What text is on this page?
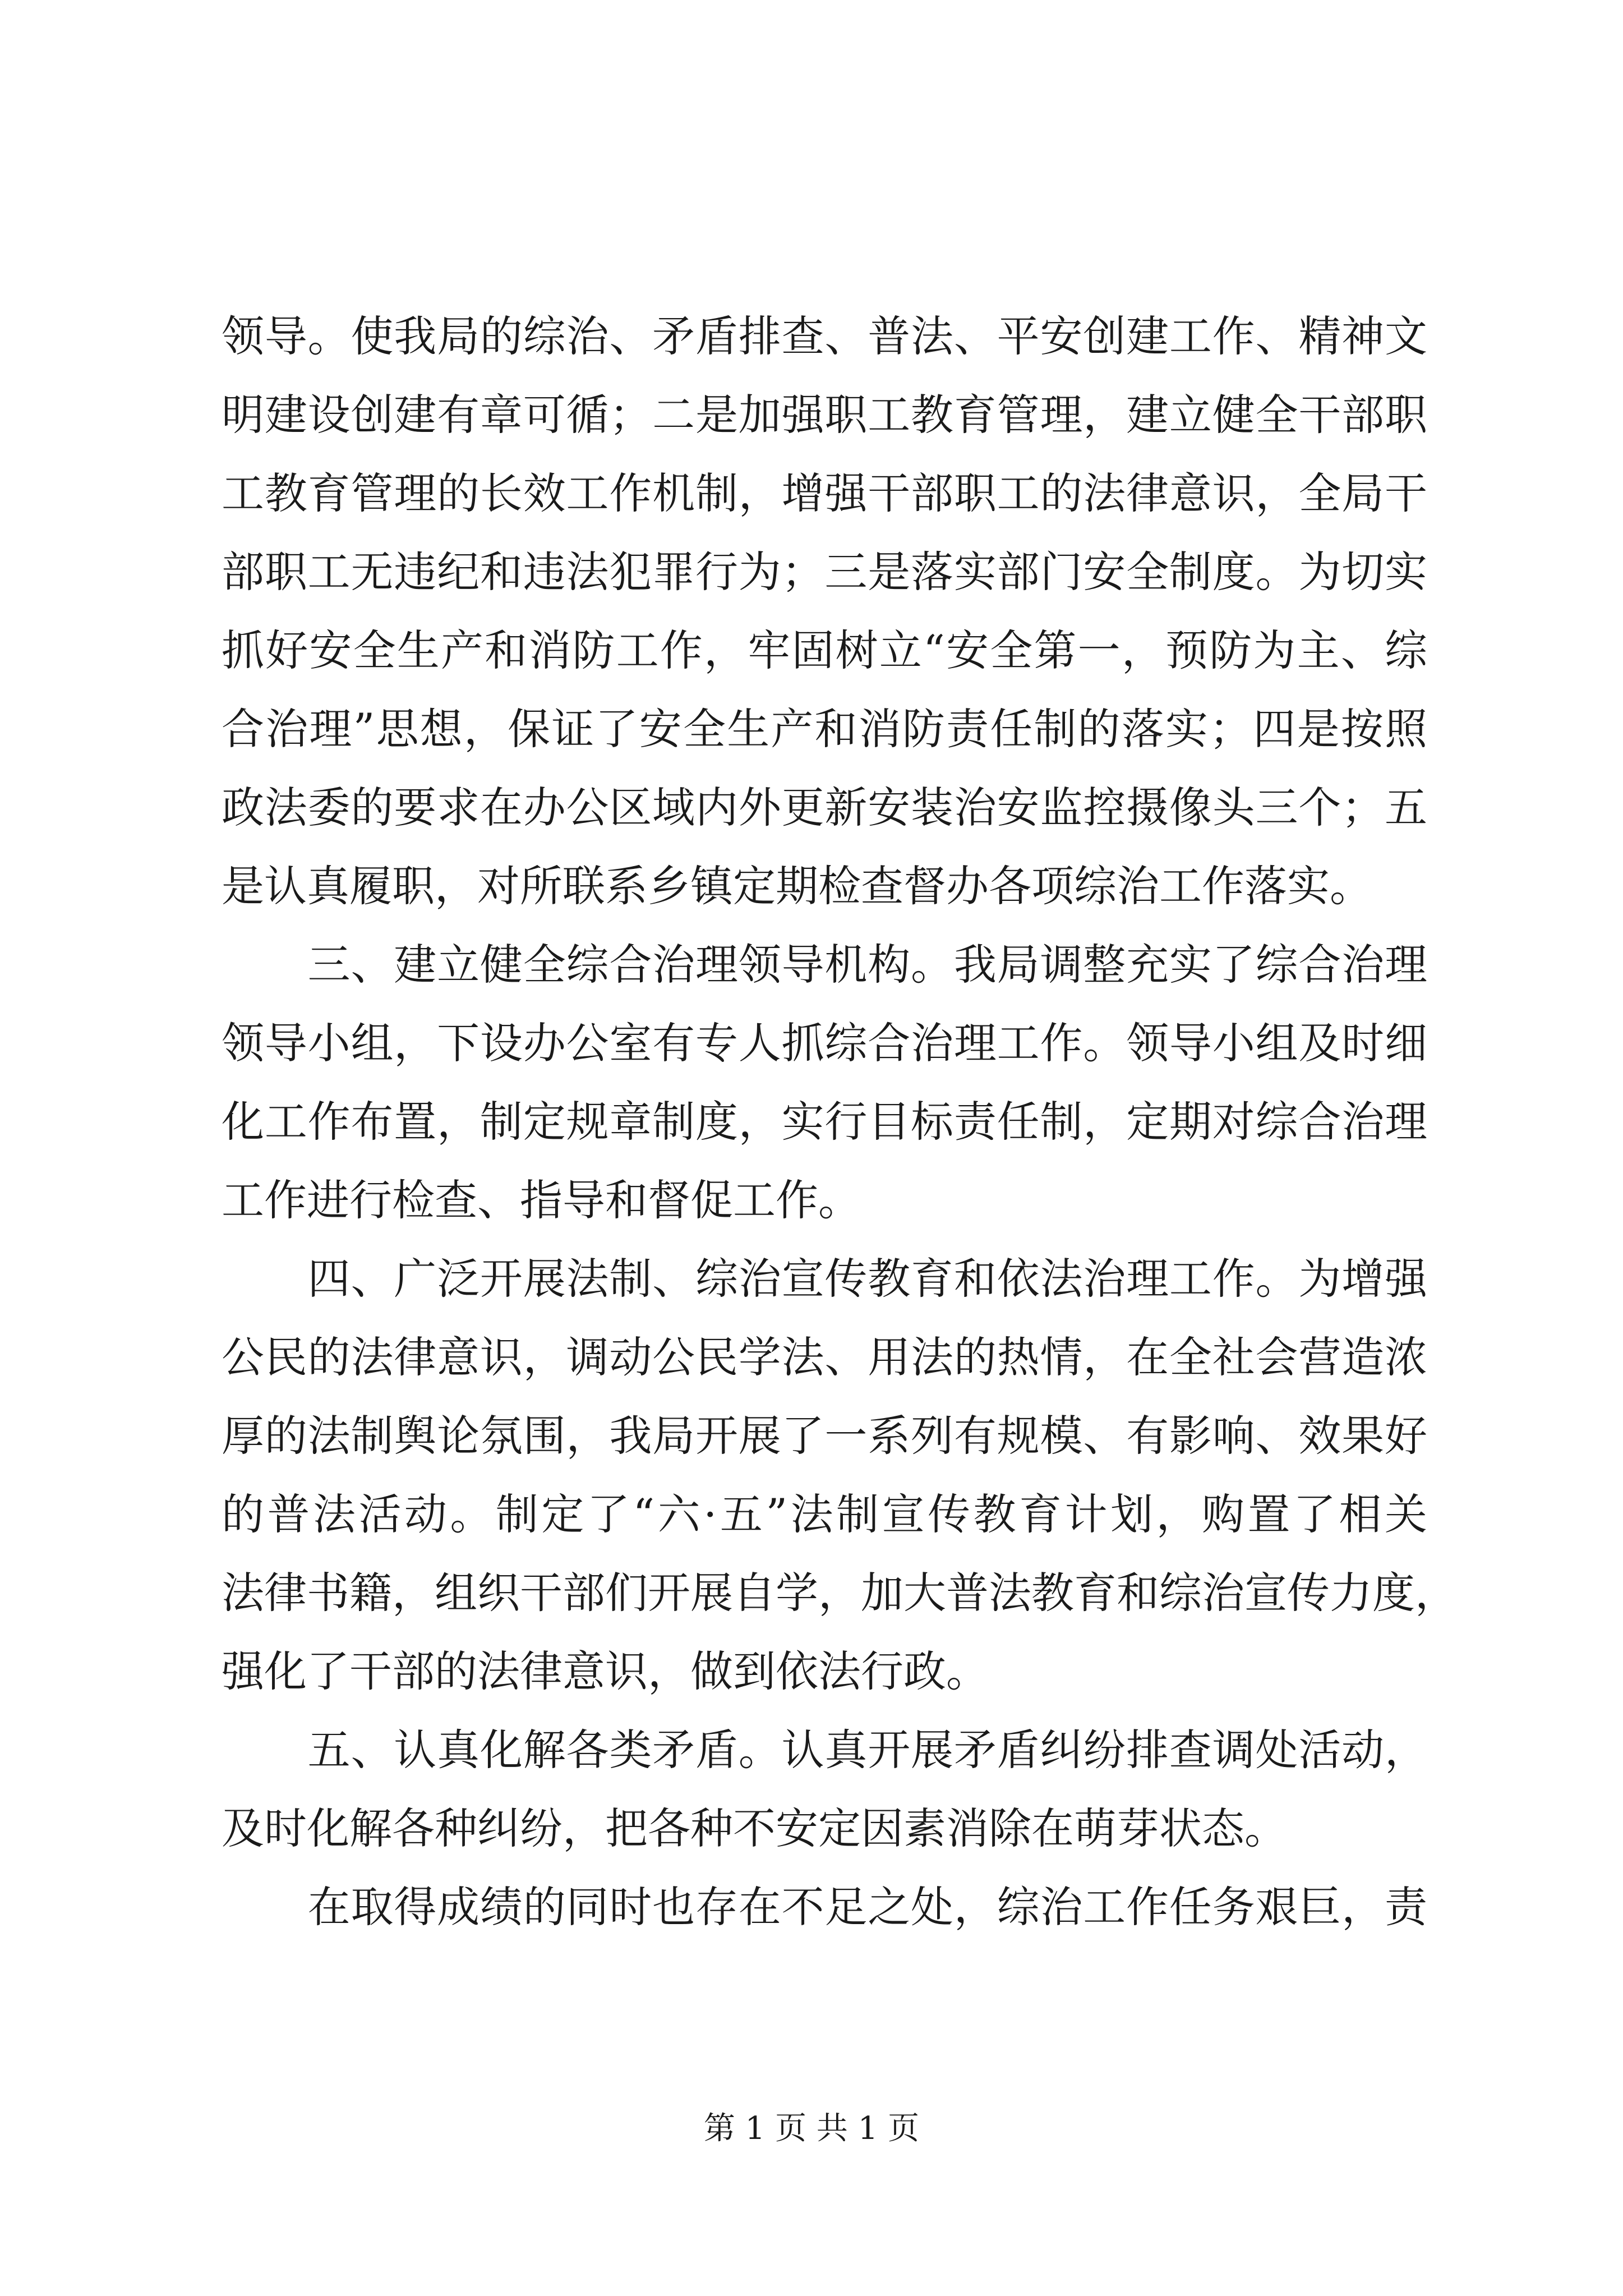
领导。使我局的综治、矛盾排查、普法、平安创建工作、精神文
明建设创建有章可循；二是加强职工教育管理，建立健全干部职
工教育管理的长效工作机制，增强干部职工的法律意识，全局干
部职工无违纪和违法犯罪行为；三是落实部门安全制度。为切实
抓好安全生产和消防工作，牢固树立“安全第一，预防为主、综
合治理”思想，保证了安全生产和消防责任制的落实；四是按照
政法委的要求在办公区域内外更新安装治安监控摄像头三个；五
是认真履职，对所联系乡镇定期检查督办各项综治工作落实。
　　三、建立健全综合治理领导机构。我局调整充实了综合治理
领导小组，下设办公室有专人抓综合治理工作。领导小组及时细
化工作布置，制定规章制度，实行目标责任制，定期对综合治理
工作进行检查、指导和督促工作。
　　四、广泛开展法制、综治宣传教育和依法治理工作。为增强
公民的法律意识，调动公民学法、用法的热情，在全社会营造浓
厚的法制舆论氛围，我局开展了一系列有规模、有影响、效果好
的普法活动。制定了“六·五”法制宣传教育计划，购置了相关
法律书籍，组织干部们开展自学，加大普法教育和综治宣传力度，
强化了干部的法律意识，做到依法行政。
　　五、认真化解各类矛盾。认真开展矛盾纠纷排查调处活动，
及时化解各种纠纷，把各种不安定因素消除在萌芽状态。
　　在取得成绩的同时也存在不足之处，综治工作任务艰巨，责
第 1 页 共 1 页
